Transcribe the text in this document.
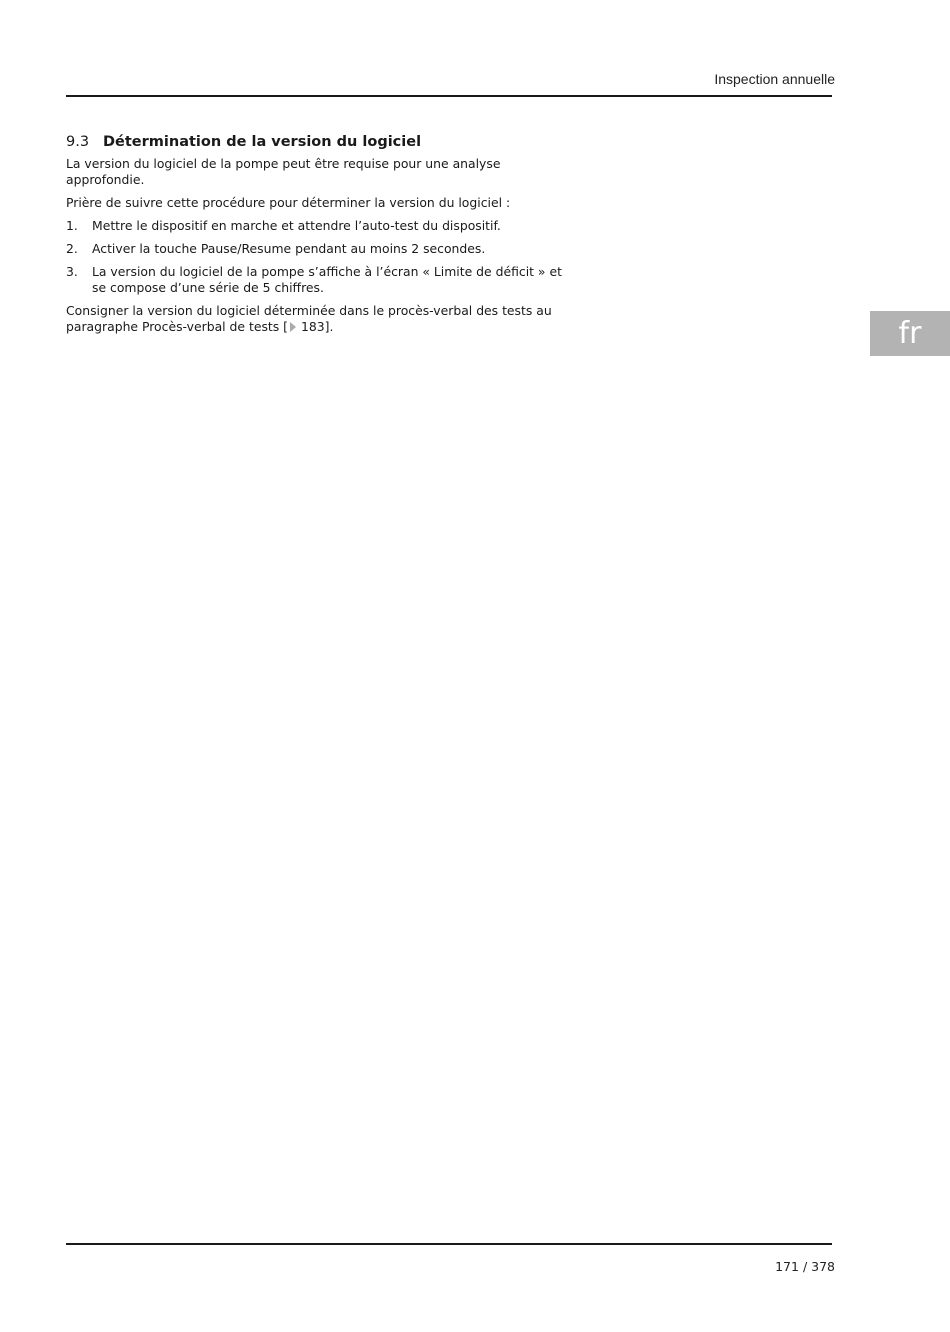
Inspection annuelle
9.3 Détermination de la version du logiciel

La version du logiciel de la pompe peut être requise pour une analyse approfondie.

Prière de suivre cette procédure pour déterminer la version du logiciel :

1.	Mettre le dispositif en marche et attendre l’auto-test du dispositif.
2.	Activer la touche Pause/Resume pendant au moins 2 secondes.
3.	La version du logiciel de la pompe s’affiche à l’écran « Limite de déficit » et se compose d’une série de 5 chiffres.

Consigner la version du logiciel déterminée dans le procès-verbal des tests au paragraphe Procès-verbal de tests [ 183].	fr
171 / 378
